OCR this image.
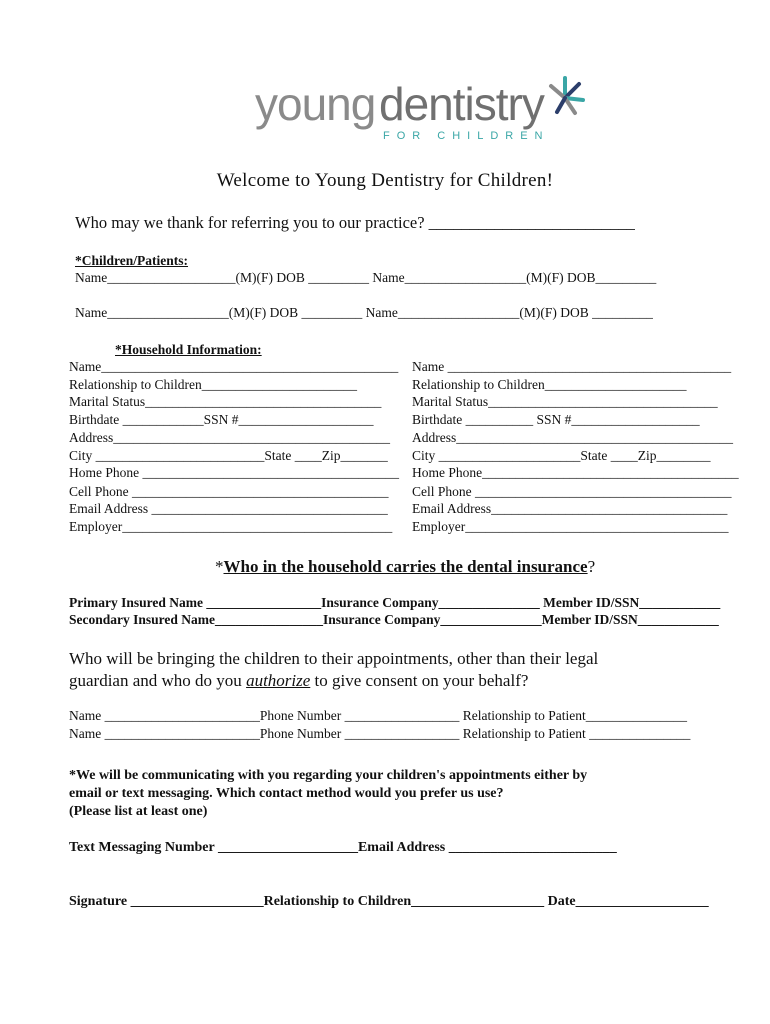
young dentistry
FOR CHILDREN
Welcome to Young Dentistry for Children!
Who may we thank for referring you to our practice? _________________________
*Children/Patients:
Name___________________(M)(F) DOB _________ Name__________________(M)(F) DOB_________
Name__________________(M)(F) DOB _________ Name__________________(M)(F) DOB _________
*Household Information:
Name____________________________________________
Relationship to Children_______________________
Marital Status___________________________________
Birthdate ____________SSN #____________________
Address_________________________________________
City _________________________State ____Zip_______
Home Phone ______________________________________
Cell Phone ______________________________________
Email Address ___________________________________
Employer________________________________________
Name __________________________________________
Relationship to Children_____________________
Marital Status__________________________________
Birthdate __________ SSN #___________________
Address_________________________________________
City _____________________State ____Zip________
Home Phone______________________________________
Cell Phone ______________________________________
Email Address___________________________________
Employer_______________________________________
*Who in the household carries the dental insurance?
Primary Insured Name _________________Insurance Company_______________ Member ID/SSN____________
Secondary Insured Name________________Insurance Company_______________Member ID/SSN____________
Who will be bringing the children to their appointments, other than their legal
guardian and who do you authorize to give consent on your behalf?
Name _______________________Phone Number _________________ Relationship to Patient_______________
Name _______________________Phone Number _________________ Relationship to Patient _______________
*We will be communicating with you regarding your children's appointments either by
email or text messaging. Which contact method would you prefer us use?
(Please list at least one)
Text Messaging Number ____________________Email Address ________________________
Signature ___________________Relationship to Children___________________ Date___________________
